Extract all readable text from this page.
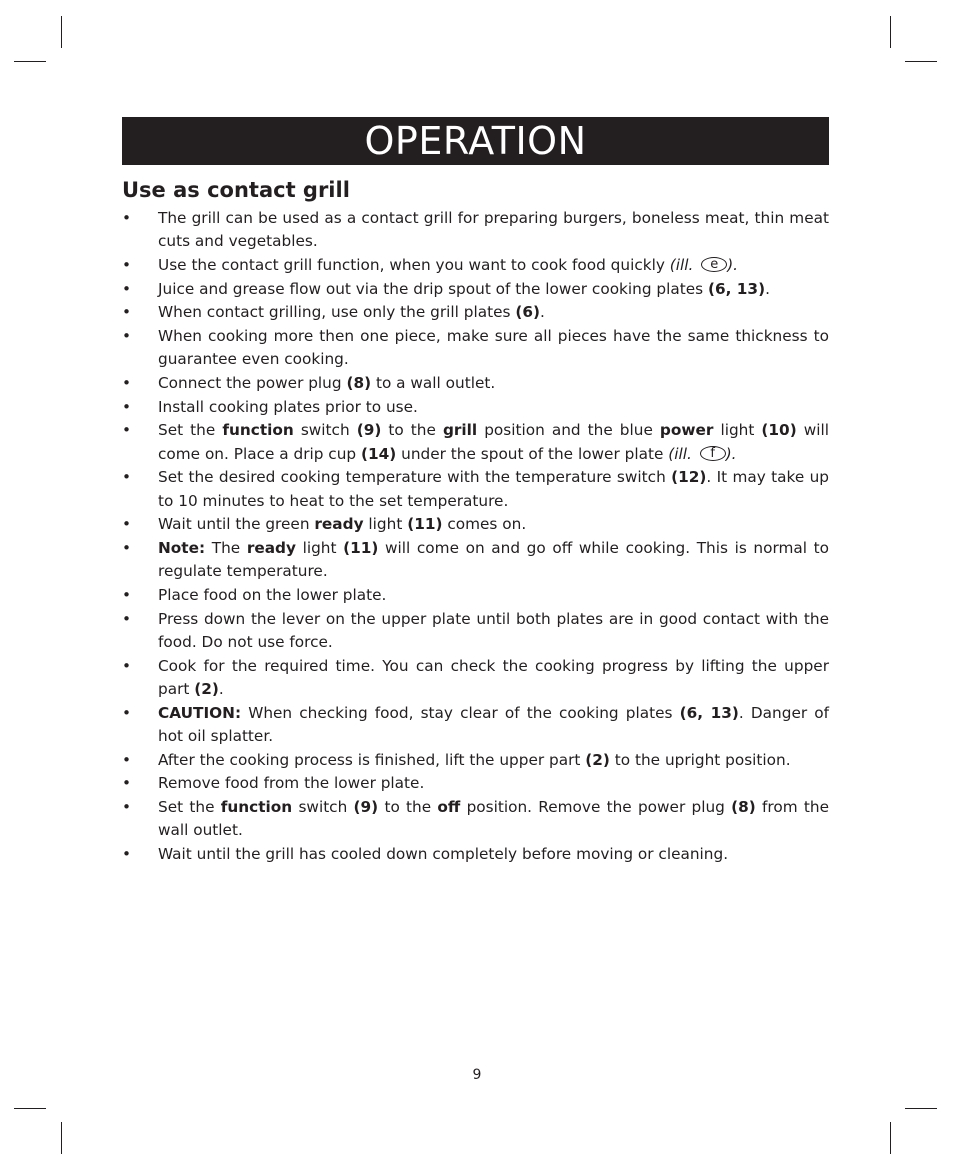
OPERATION
Use as contact grill
• The grill can be used as a contact grill for preparing burgers, boneless meat, thin meat cuts and vegetables.
• Use the contact grill function, when you want to cook food quickly (ill. e ).
• Juice and grease flow out via the drip spout of the lower cooking plates (6, 13).
• When contact grilling, use only the grill plates (6).
• When cooking more then one piece, make sure all pieces have the same thickness to guarantee even cooking.
• Connect the power plug (8) to a wall outlet.
• Install cooking plates prior to use.
• Set the function switch (9) to the grill position and the blue power light (10) will come on. Place a drip cup (14) under the spout of the lower plate (ill. f ).
• Set the desired cooking temperature with the temperature switch (12). It may take up to 10 minutes to heat to the set temperature.
• Wait until the green ready light (11) comes on.
• Note: The ready light (11) will come on and go off while cooking. This is normal to regulate temperature.
• Place food on the lower plate.
• Press down the lever on the upper plate until both plates are in good contact with the food. Do not use force.
• Cook for the required time. You can check the cooking progress by lifting the upper part (2).
• CAUTION: When checking food, stay clear of the cooking plates (6, 13). Danger of hot oil splatter.
• After the cooking process is finished, lift the upper part (2) to the upright position.
• Remove food from the lower plate.
• Set the function switch (9) to the off position. Remove the power plug (8) from the wall outlet.
• Wait until the grill has cooled down completely before moving or cleaning.
9
